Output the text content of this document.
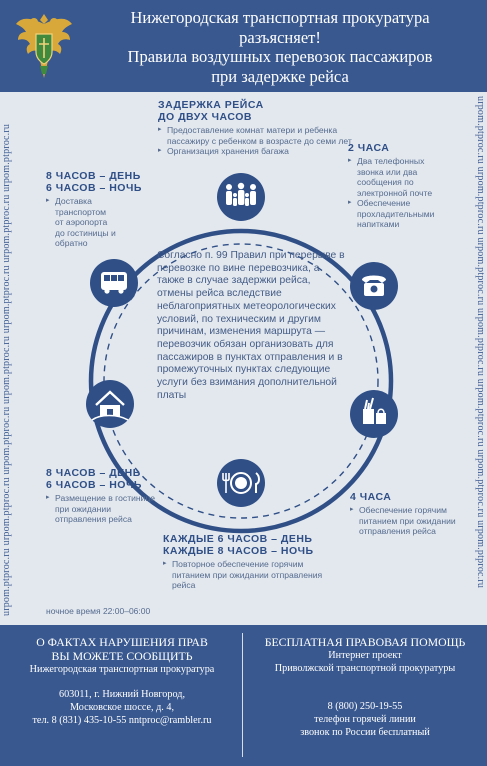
Нижегородская транспортная прокуратура
разъясняет!
Правила воздушных перевозок пассажиров
при задержке рейса
urpom.ptproc.ru urpom.ptproc.ru urpom.ptproc.ru urpom.ptproc.ru urpom.ptproc.ru urpom.ptproc.ru urpom.ptproc.ru	urpom.ptproc.ru urpom.ptproc.ru urpom.ptproc.ru urpom.ptproc.ru urpom.ptproc.ru urpom.ptproc.ru urpom.ptproc.ru
ЗАДЕРЖКА РЕЙСА
ДО ДВУХ ЧАСОВ
▸ Предоставление комнат матери и ребенка пассажиру с ребенком в возрасте до семи лет
▸ Организация хранения багажа	2 ЧАСА
▸ Два телефонных звонка или два сообщения по электронной почте
▸ Обеспечение прохладительными напитками
8 ЧАСОВ – ДЕНЬ
6 ЧАСОВ – НОЧЬ
▸ Доставка транспортом от аэропорта до гостиницы и обратно
Согласно п. 99 Правил при перерыве в перевозке по вине перевозчика, а также в случае задержки рейса, отмены рейса вследствие неблагоприятных метеорологических условий, по техническим и другим причинам, изменения маршрута — перевозчик обязан организовать для пассажиров в пунктах отправления и в промежуточных пунктах следующие услуги без взимания дополнительной платы
8 ЧАСОВ – ДЕНЬ
6 ЧАСОВ – НОЧЬ
▸ Размещение в гостинице при ожидании отправления рейса
4 ЧАСА
▸ Обеспечение горячим питанием при ожидании отправления рейса
КАЖДЫЕ 6 ЧАСОВ – ДЕНЬ
КАЖДЫЕ 8 ЧАСОВ – НОЧЬ
▸ Повторное обеспечение горячим питанием при ожидании отправления рейса
ночное время 22:00–06:00
О ФАКТАХ НАРУШЕНИЯ ПРАВ
ВЫ МОЖЕТЕ СООБЩИТЬ
Нижегородская транспортная прокуратура
603011, г. Нижний Новгород,
Московское шоссе, д. 4,
тел. 8 (831) 435-10-55 nntproc@rambler.ru
БЕСПЛАТНАЯ ПРАВОВАЯ ПОМОЩЬ
Интернет проект
Приволжской транспортной прокуратуры
8 (800) 250-19-55
телефон горячей линии
звонок по России бесплатный
